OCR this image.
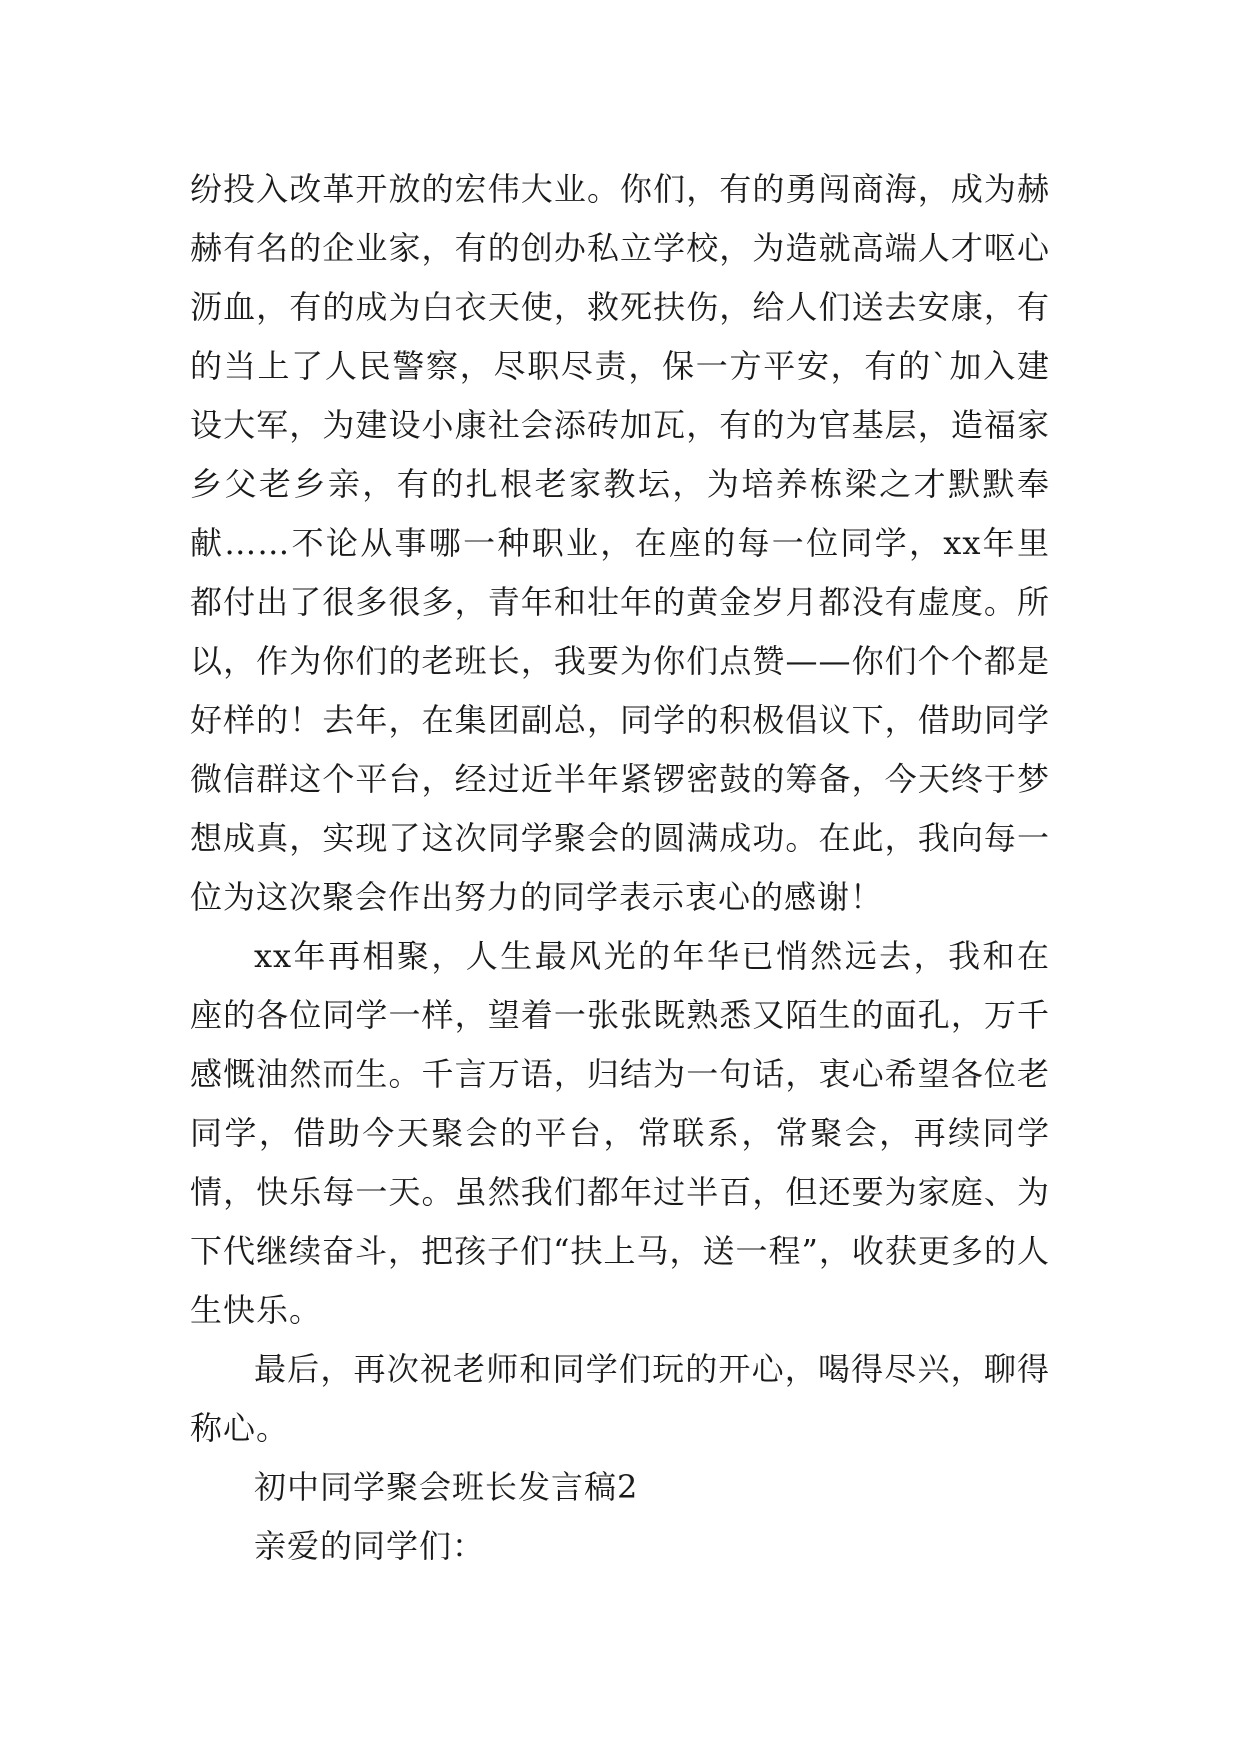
纷投入改革开放的宏伟大业。你们，有的勇闯商海，成为赫赫有名的企业家，有的创办私立学校，为造就高端人才呕心沥血，有的成为白衣天使，救死扶伤，给人们送去安康，有的当上了人民警察，尽职尽责，保一方平安，有的`加入建设大军，为建设小康社会添砖加瓦，有的为官基层，造福家乡父老乡亲，有的扎根老家教坛，为培养栋梁之才默默奉献……不论从事哪一种职业，在座的每一位同学，xx年里都付出了很多很多，青年和壮年的黄金岁月都没有虚度。所以，作为你们的老班长，我要为你们点赞——你们个个都是好样的！去年，在集团副总，同学的积极倡议下，借助同学微信群这个平台，经过近半年紧锣密鼓的筹备，今天终于梦想成真，实现了这次同学聚会的圆满成功。在此，我向每一位为这次聚会作出努力的同学表示衷心的感谢！

xx年再相聚，人生最风光的年华已悄然远去，我和在座的各位同学一样，望着一张张既熟悉又陌生的面孔，万千感慨油然而生。千言万语，归结为一句话，衷心希望各位老同学，借助今天聚会的平台，常联系，常聚会，再续同学情，快乐每一天。虽然我们都年过半百，但还要为家庭、为下代继续奋斗，把孩子们“扶上马，送一程”，收获更多的人生快乐。

最后，再次祝老师和同学们玩的开心，喝得尽兴，聊得称心。

初中同学聚会班长发言稿2

亲爱的同学们：
